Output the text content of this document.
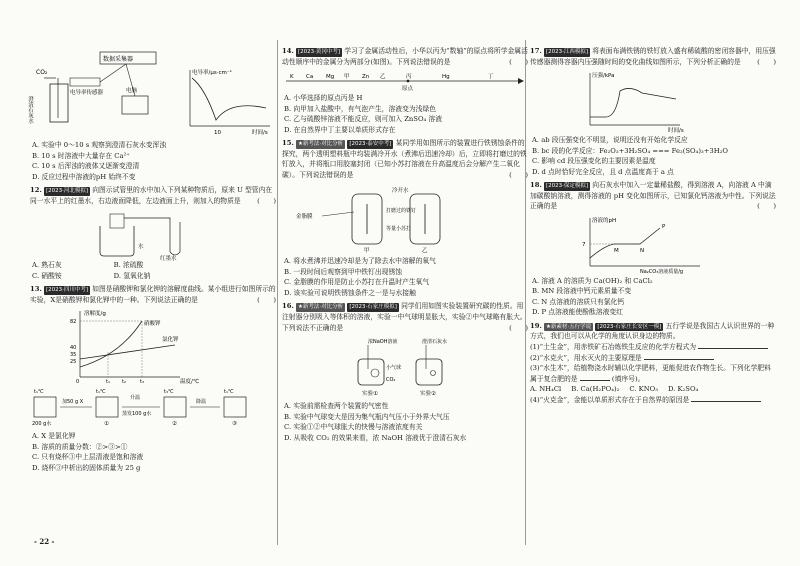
数据采集器
CO₂
电导率传感器	电脑
澄清石灰水
电导率/μs·cm⁻¹
时间/s
10
A. 实验中 0～10 s 观察到澄清石灰水变浑浊
B. 10 s 时溶液中大量存在 Ca²⁺
C. 10 s 后浑浊的液体又逐渐变澄清
D. 反应过程中溶液的pH 始终不变
12. [2023·河北模拟] 向图示试管里的水中加入下列某种物质后，原来 U 型管内在同一水平上的红墨水，右边液面降低，左边液面上升，则加入的物质是 (　　)
水
红墨水
A. 熟石灰	B. 浓硫酸
C. 硝酸铵	D. 氢氧化钠
13. [2023·四川中考] 如图是硝酸钾和氯化钾的溶解度曲线。某小组进行如图所示的实验，X是硝酸钾和氯化钾中的一种。下列说法正确的是	(　　)
溶解度/g
温度/℃
82
40
35
25
0	t₁ t₂	t₃
硝酸钾
氯化钾
t₁℃
200 g水
加50 g X
t₁℃
①
升温
蒸发100 g水
t₃℃
②
降温
t₁℃
③
A. X 是氯化钾
B. 溶质的质量分数：②>③>①
C. 只有烧杯③中上层清液是饱和溶液
D. 烧杯③中析出的固体质量为 25 g
- 22 -
14. [2023·黄冈中考] 学习了金属活动性后，小华以丙为“数轴”的原点将所学金属活动性顺序中的金属分为两部分(如图)。下列说法错误的是	(　　)
K Ca Mg 甲 Zn 乙
原点
丙	Hg	丁
A. 小华选择的原点丙是 H
B. 向甲加入盐酸中，有气泡产生，溶液变为浅绿色
C. 乙与硫酸锌溶液不能反应，则可加入 ZnSO₄ 溶液
D. 在自然界中丁主要以单质形式存在
15. ★新考法·对比分析 [2023·泰安中考] 某同学用如图所示的装置进行铁锈蚀条件的探究，两个透明塑料瓶中均装满冷开水（煮沸后迅速冷却）后，立即将打磨过的铁钉放入，并将瓶口用胶塞封闭（已知小苏打溶液在升高温度后会分解产生二氧化碳）。下列说法错误的是	(　　)
冷开水
打磨过的铁钉
等量小苏打
金脂膜
甲	乙
A. 将水煮沸并迅速冷却是为了除去水中溶解的氧气
B. 一段时间后观察到甲中铁钉出现锈蚀
C. 金脂膜的作用是防止小苏打在升温时产生氧气
D. 该实验可说明铁锈蚀条件之一是与水接触
16. ★新考法·对比分析 [2023·石家庄模拟] 同学们用如图实验装置研究碳的性质。用注射器分别吸入等体积的溶液，实验一中气球明显胀大，实验②中气球略有胀大。下列说法不正确的是	(　　)
浓NaOH溶液	澄清石灰水
小气球
CO₂
实验①	实验②
A. 实验前需检查两个装置的气密性
B. 实验中气球变大是因为集气瓶内气压小于外界大气压
C. 实验①②中气球胀大的快慢与溶液浓度有关
D. 从吸收 CO₂ 的效果来看，浓 NaOH 溶液优于澄清石灰水
17. [2023·江西模拟] 将表面布满铁锈的铁钉放入盛有稀硫酸的密闭容器中，用压强传感器测得容器内压强随时间的变化曲线如图所示，下列分析正确的是 (　　)
压强/kPa
时间/s
A. ab 段压强变化不明显，说明还没有开始化学反应
B. bc 段的化学反应：Fe₂O₃+3H₂SO₄ === Fe₂(SO₄)₃+3H₂O
C. 影响 cd 段压强变化的主要因素是温度
D. d 点时恰好完全反应，且 d 点温度高于 a 点
18. [2023·保定模拟] 向石灰水中加入一定量稀盐酸，得到溶液 A，向溶液 A 中滴加碳酸钠溶液，测得溶液的 pH 变化如图所示，已知氯化钙溶液为中性。下列说法正确的是	(　　)
溶液的pH
Na₂CO₃溶液质量/g
7
M	N
P
A. 溶液 A 的溶质为 Ca(OH)₂ 和 CaCl₂
B. MN 段溶液中钙元素质量不变
C. N 点溶液的溶质只有氯化钙
D. P 点溶液能使酚酞溶液变红
19. ★新素材·五行学说 [2023·石家庄长安区一模] 五行学说是我国古人认识世界的一种方式，我们也可以从化学的角度认识身边的物质。
(1)“土生金”，用赤铁矿石冶炼铁生反应的化学方程式为
(2)“水克火”，用水灭火的主要原理是
(3)“水生木”，给植物浇水时辅以化学肥料，更能促进农作物生长。下列化学肥料属于复合肥的是	(填序号)。
A. NH₄Cl B. Ca(H₂PO₄)₂ C. KNO₃ D. K₂SO₄
(4)“火克金”，金能以单质形式存在于自然界的原因是
